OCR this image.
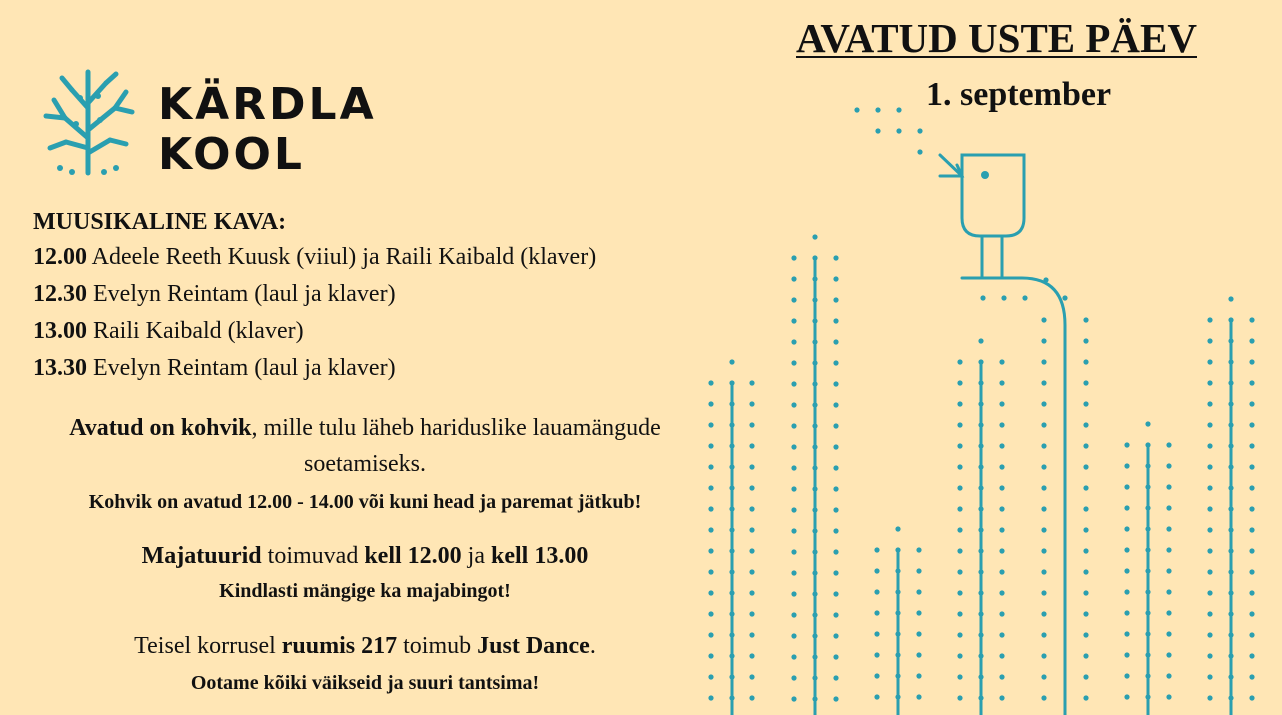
KÄRDLA
KOOL
AVATUD USTE PÄEV
1. september
MUUSIKALINE KAVA:
12.00 Adeele Reeth Kuusk (viiul) ja Raili Kaibald (klaver)
12.30 Evelyn Reintam (laul ja klaver)
13.00 Raili Kaibald (klaver)
13.30 Evelyn Reintam (laul ja klaver)
Avatud on kohvik, mille tulu läheb hariduslike lauamängude soetamiseks.
Kohvik on avatud 12.00 - 14.00 või kuni head ja paremat jätkub!
Majatuurid toimuvad kell 12.00 ja kell 13.00
Kindlasti mängige ka majabingot!
Teisel korrusel ruumis 217 toimub Just Dance.
Ootame kõiki väikseid ja suuri tantsima!
